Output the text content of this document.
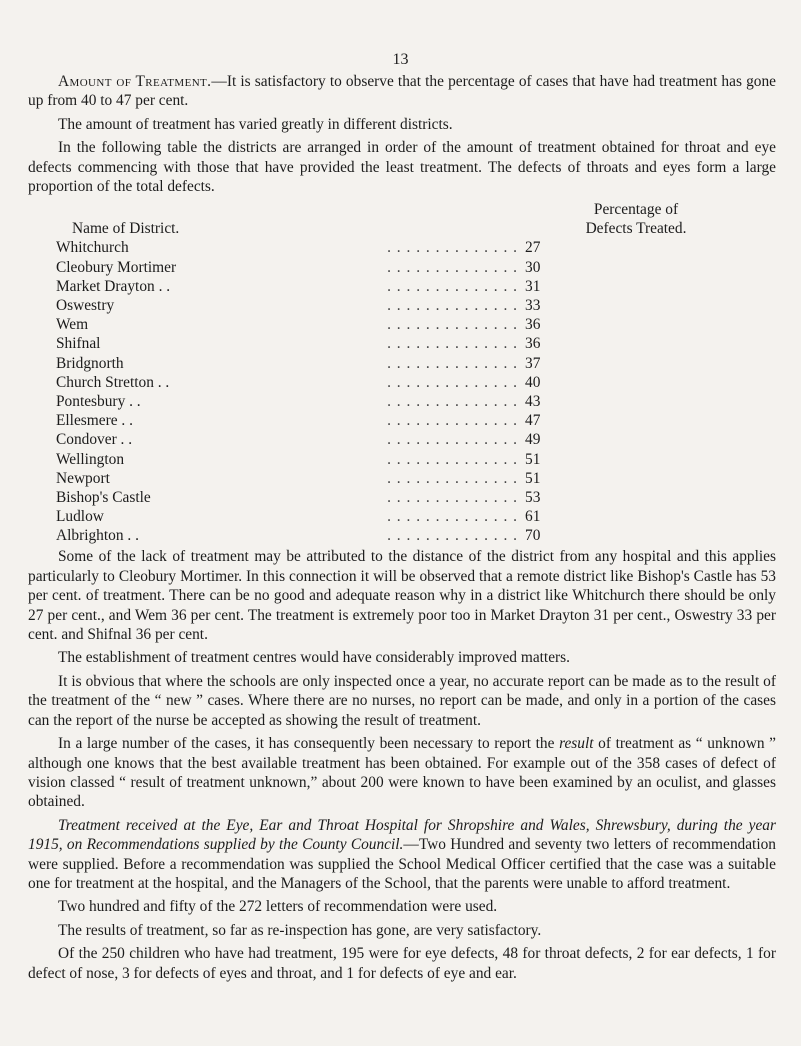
13

Amount of Treatment.—It is satisfactory to observe that the percentage of cases that have had treatment has gone up from 40 to 47 per cent.

The amount of treatment has varied greatly in different districts.

In the following table the districts are arranged in order of the amount of treatment obtained for throat and eye defects commencing with those that have provided the least treatment. The defects of throats and eyes form a large proportion of the total defects.

Name of District.
Percentage of
Defects Treated.
Whitchurch	. . . . . . . . . . . . . . 27
Cleobury Mortimer	. . . . . . . . . . . . . . 30
Market Drayton . .	. . . . . . . . . . . . . . 31
Oswestry	. . . . . . . . . . . . . . 33
Wem	. . . . . . . . . . . . . . 36
Shifnal	. . . . . . . . . . . . . . 36
Bridgnorth	. . . . . . . . . . . . . . 37
Church Stretton . .	. . . . . . . . . . . . . . 40
Pontesbury . .	. . . . . . . . . . . . . . 43
Ellesmere . .	. . . . . . . . . . . . . . 47
Condover . .	. . . . . . . . . . . . . . 49
Wellington	. . . . . . . . . . . . . . 51
Newport	. . . . . . . . . . . . . . 51
Bishop's Castle	. . . . . . . . . . . . . . 53
Ludlow	. . . . . . . . . . . . . . 61
Albrighton . .	. . . . . . . . . . . . . . 70

Some of the lack of treatment may be attributed to the distance of the district from any hospital and this applies particularly to Cleobury Mortimer. In this connection it will be observed that a remote district like Bishop's Castle has 53 per cent. of treatment. There can be no good and adequate reason why in a district like Whitchurch there should be only 27 per cent., and Wem 36 per cent. The treatment is extremely poor too in Market Drayton 31 per cent., Oswestry 33 per cent. and Shifnal 36 per cent.

The establishment of treatment centres would have considerably improved matters.

It is obvious that where the schools are only inspected once a year, no accurate report can be made as to the result of the treatment of the “ new ” cases. Where there are no nurses, no report can be made, and only in a portion of the cases can the report of the nurse be accepted as showing the result of treatment.

In a large number of the cases, it has consequently been necessary to report the result of treatment as “ unknown ” although one knows that the best available treatment has been obtained. For example out of the 358 cases of defect of vision classed “ result of treatment unknown,” about 200 were known to have been examined by an oculist, and glasses obtained.

Treatment received at the Eye, Ear and Throat Hospital for Shropshire and Wales, Shrewsbury, during the year 1915, on Recommendations supplied by the County Council.—Two Hundred and seventy two letters of recommendation were supplied. Before a recommendation was supplied the School Medical Officer certified that the case was a suitable one for treatment at the hospital, and the Managers of the School, that the parents were unable to afford treatment.

Two hundred and fifty of the 272 letters of recommendation were used.

The results of treatment, so far as re-inspection has gone, are very satisfactory.

Of the 250 children who have had treatment, 195 were for eye defects, 48 for throat defects, 2 for ear defects, 1 for defect of nose, 3 for defects of eyes and throat, and 1 for defects of eye and ear.
